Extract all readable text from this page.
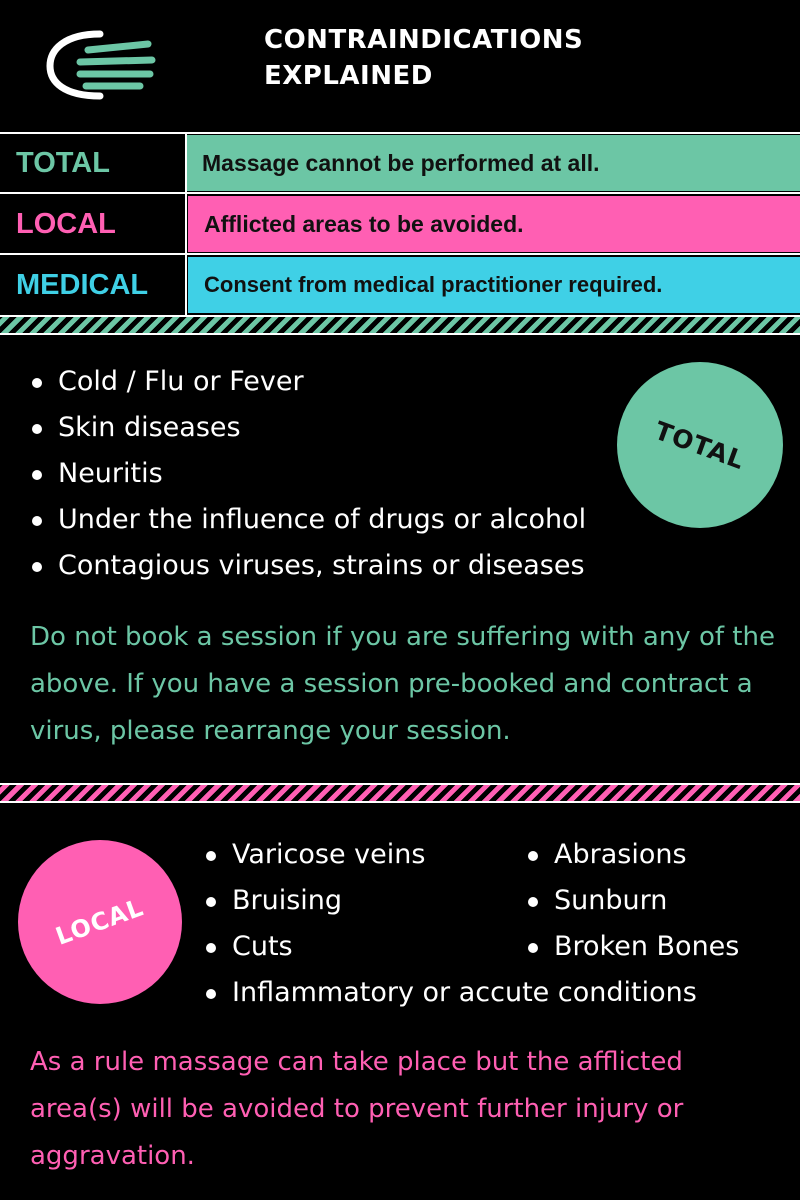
CONTRAINDICATIONS
EXPLAINED
TOTAL	Massage cannot be performed at all.
LOCAL	Afflicted areas to be avoided.
MEDICAL	Consent from medical practitioner required.
Cold / Flu or Fever
Skin diseases
Neuritis
Under the influence of drugs or alcohol
Contagious viruses, strains or diseases
TOTAL
Do not book a session if you are suffering with any of the above. If you have a session pre-booked and contract a virus, please rearrange your session.
LOCAL
Varicose veins
Bruising
Cuts
Inflammatory or accute conditions
Abrasions
Sunburn
Broken Bones
As a rule massage can take place but the afflicted area(s) will be avoided to prevent further injury or aggravation.
